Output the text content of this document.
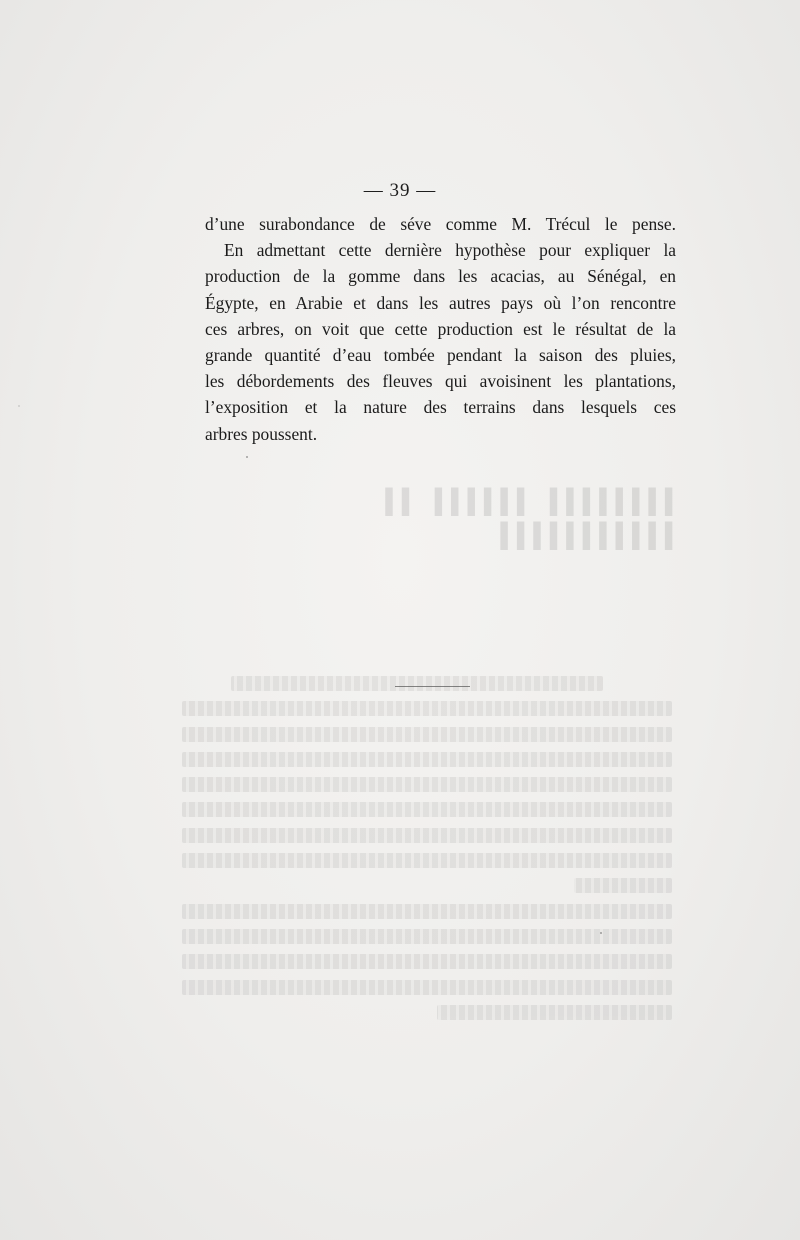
▌▌▌▌▌▌▌▌ ▌▌▌▌▌▌ ▌▌ ▌▌▌▌▌▌▌▌▌▌▌
— 39 —
d’une surabondance de séve comme M. Trécul le pense.
En admettant cette dernière hypothèse pour expliquer la
production de la gomme dans les acacias, au Sénégal, en
Égypte, en Arabie et dans les autres pays où l’on rencontre
ces arbres, on voit que cette production est le résultat de la
grande quantité d’eau tombée pendant la saison des pluies,
les débordements des fleuves qui avoisinent les plantations,
l’exposition et la nature des terrains dans lesquels ces
arbres poussent.
